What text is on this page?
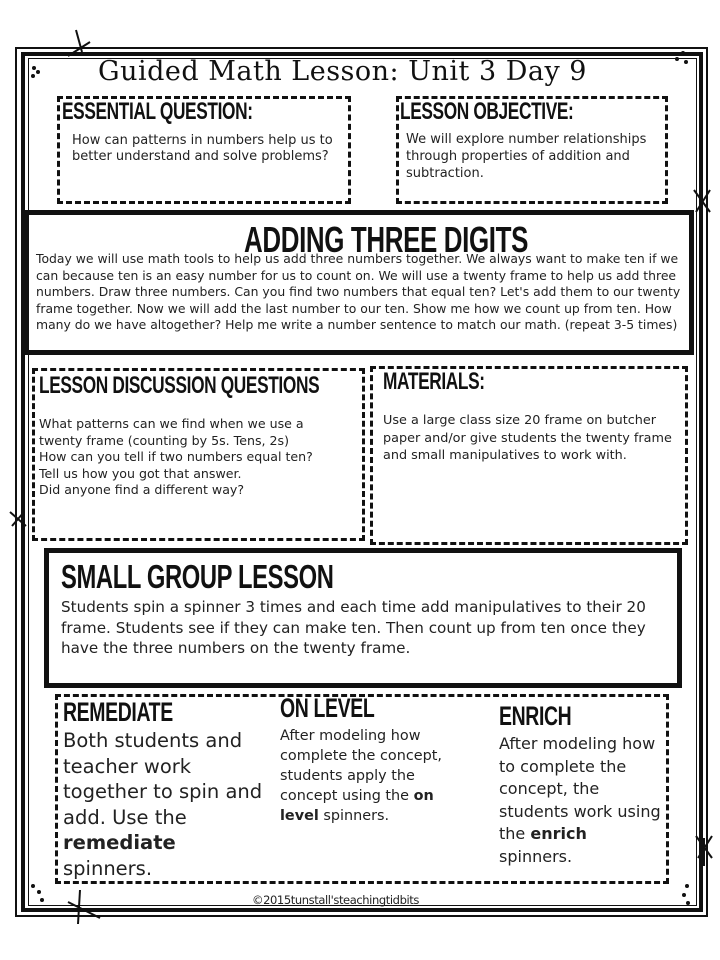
Guided Math Lesson: Unit 3 Day 9
ESSENTIAL QUESTION:
How can patterns in numbers help us to better understand and solve problems?
LESSON OBJECTIVE:
We will explore number relationships through properties of addition and subtraction.
ADDING THREE DIGITS
Today we will use math tools to help us add three numbers together. We always want to make ten if we can because ten is an easy number for us to count on. We will use a twenty frame to help us add three numbers. Draw three numbers. Can you find two numbers that equal ten? Let's add them to our twenty frame together. Now we will add the last number to our ten. Show me how we count up from ten. How many do we have altogether? Help me write a number sentence to match our math. (repeat 3-5 times)
LESSON DISCUSSION QUESTIONS
What patterns can we find when we use a
twenty frame (counting by 5s. Tens, 2s)
How can you tell if two numbers equal ten?
Tell us how you got that answer.
Did anyone find a different way?
MATERIALS:
Use a large class size 20 frame on butcher paper and/or give students the twenty frame and small manipulatives to work with.
SMALL GROUP LESSON
Students spin a spinner 3 times and each time add manipulatives to their 20 frame. Students see if they can make ten. Then count up from ten once they have the three numbers on the twenty frame.
REMEDIATE
Both students and teacher work together to spin and add. Use the remediate spinners.
ON LEVEL
After modeling how complete the concept, students apply the concept using the on level spinners.
ENRICH
After modeling how to complete the concept, the students work using the enrich spinners.
©2015tunstall'steachingtidbits
